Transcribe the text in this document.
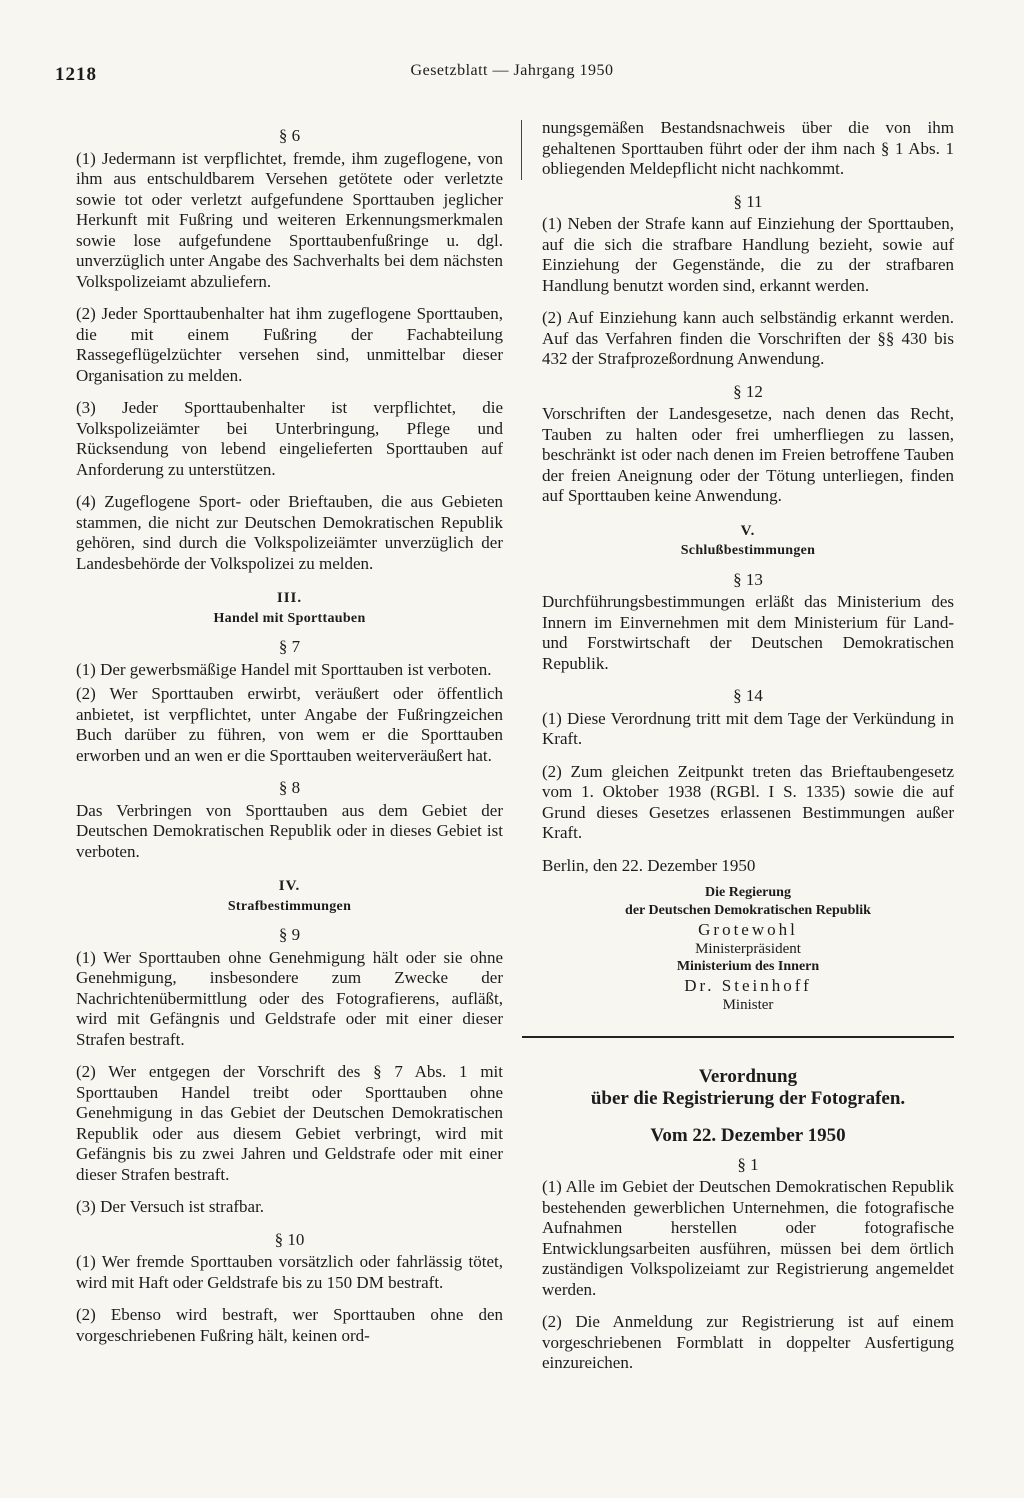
1218	Gesetzblatt — Jahrgang 1950
§ 6

(1) Jedermann ist verpflichtet, fremde, ihm zugeflogene, von ihm aus entschuldbarem Versehen getötete oder verletzte sowie tot oder verletzt aufgefundene Sporttauben jeglicher Herkunft mit Fußring und weiteren Erkennungsmerkmalen sowie lose aufgefundene Sporttaubenfußringe u. dgl. unverzüglich unter Angabe des Sachverhalts bei dem nächsten Volkspolizeiamt abzuliefern.

(2) Jeder Sporttaubenhalter hat ihm zugeflogene Sporttauben, die mit einem Fußring der Fachabteilung Rassegeflügelzüchter versehen sind, unmittelbar dieser Organisation zu melden.

(3) Jeder Sporttaubenhalter ist verpflichtet, die Volkspolizeiämter bei Unterbringung, Pflege und Rücksendung von lebend eingelieferten Sporttauben auf Anforderung zu unterstützen.

(4) Zugeflogene Sport- oder Brieftauben, die aus Gebieten stammen, die nicht zur Deutschen Demokratischen Republik gehören, sind durch die Volkspolizeiämter unverzüglich der Landesbehörde der Volkspolizei zu melden.

III.
Handel mit Sporttauben
§ 7

(1) Der gewerbsmäßige Handel mit Sporttauben ist verboten.

(2) Wer Sporttauben erwirbt, veräußert oder öffentlich anbietet, ist verpflichtet, unter Angabe der Fußringzeichen Buch darüber zu führen, von wem er die Sporttauben erworben und an wen er die Sporttauben weiterveräußert hat.

§ 8

Das Verbringen von Sporttauben aus dem Gebiet der Deutschen Demokratischen Republik oder in dieses Gebiet ist verboten.

IV.
Strafbestimmungen
§ 9

(1) Wer Sporttauben ohne Genehmigung hält oder sie ohne Genehmigung, insbesondere zum Zwecke der Nachrichtenübermittlung oder des Fotografierens, aufläßt, wird mit Gefängnis und Geldstrafe oder mit einer dieser Strafen bestraft.

(2) Wer entgegen der Vorschrift des § 7 Abs. 1 mit Sporttauben Handel treibt oder Sporttauben ohne Genehmigung in das Gebiet der Deutschen Demokratischen Republik oder aus diesem Gebiet verbringt, wird mit Gefängnis bis zu zwei Jahren und Geldstrafe oder mit einer dieser Strafen bestraft.

(3) Der Versuch ist strafbar.

§ 10

(1) Wer fremde Sporttauben vorsätzlich oder fahrlässig tötet, wird mit Haft oder Geldstrafe bis zu 150 DM bestraft.

(2) Ebenso wird bestraft, wer Sporttauben ohne den vorgeschriebenen Fußring hält, keinen ord-

nungsgemäßen Bestandsnachweis über die von ihm gehaltenen Sporttauben führt oder der ihm nach § 1 Abs. 1 obliegenden Meldepflicht nicht nachkommt.

§ 11

(1) Neben der Strafe kann auf Einziehung der Sporttauben, auf die sich die strafbare Handlung bezieht, sowie auf Einziehung der Gegenstände, die zu der strafbaren Handlung benutzt worden sind, erkannt werden.

(2) Auf Einziehung kann auch selbständig erkannt werden. Auf das Verfahren finden die Vorschriften der §§ 430 bis 432 der Strafprozeßordnung Anwendung.

§ 12

Vorschriften der Landesgesetze, nach denen das Recht, Tauben zu halten oder frei umherfliegen zu lassen, beschränkt ist oder nach denen im Freien betroffene Tauben der freien Aneignung oder der Tötung unterliegen, finden auf Sporttauben keine Anwendung.

V.
Schlußbestimmungen
§ 13

Durchführungsbestimmungen erläßt das Ministerium des Innern im Einvernehmen mit dem Ministerium für Land- und Forstwirtschaft der Deutschen Demokratischen Republik.

§ 14

(1) Diese Verordnung tritt mit dem Tage der Verkündung in Kraft.

(2) Zum gleichen Zeitpunkt treten das Brieftaubengesetz vom 1. Oktober 1938 (RGBl. I S. 1335) sowie die auf Grund dieses Gesetzes erlassenen Bestimmungen außer Kraft.

Berlin, den 22. Dezember 1950

Die Regierung
der Deutschen Demokratischen Republik
Grotewohl
Ministerpräsident
Ministerium des Innern
Dr. Steinhoff
Minister
Verordnung
über die Registrierung der Fotografen.
Vom 22. Dezember 1950
§ 1

(1) Alle im Gebiet der Deutschen Demokratischen Republik bestehenden gewerblichen Unternehmen, die fotografische Aufnahmen herstellen oder fotografische Entwicklungsarbeiten ausführen, müssen bei dem örtlich zuständigen Volkspolizeiamt zur Registrierung angemeldet werden.

(2) Die Anmeldung zur Registrierung ist auf einem vorgeschriebenen Formblatt in doppelter Ausfertigung einzureichen.
